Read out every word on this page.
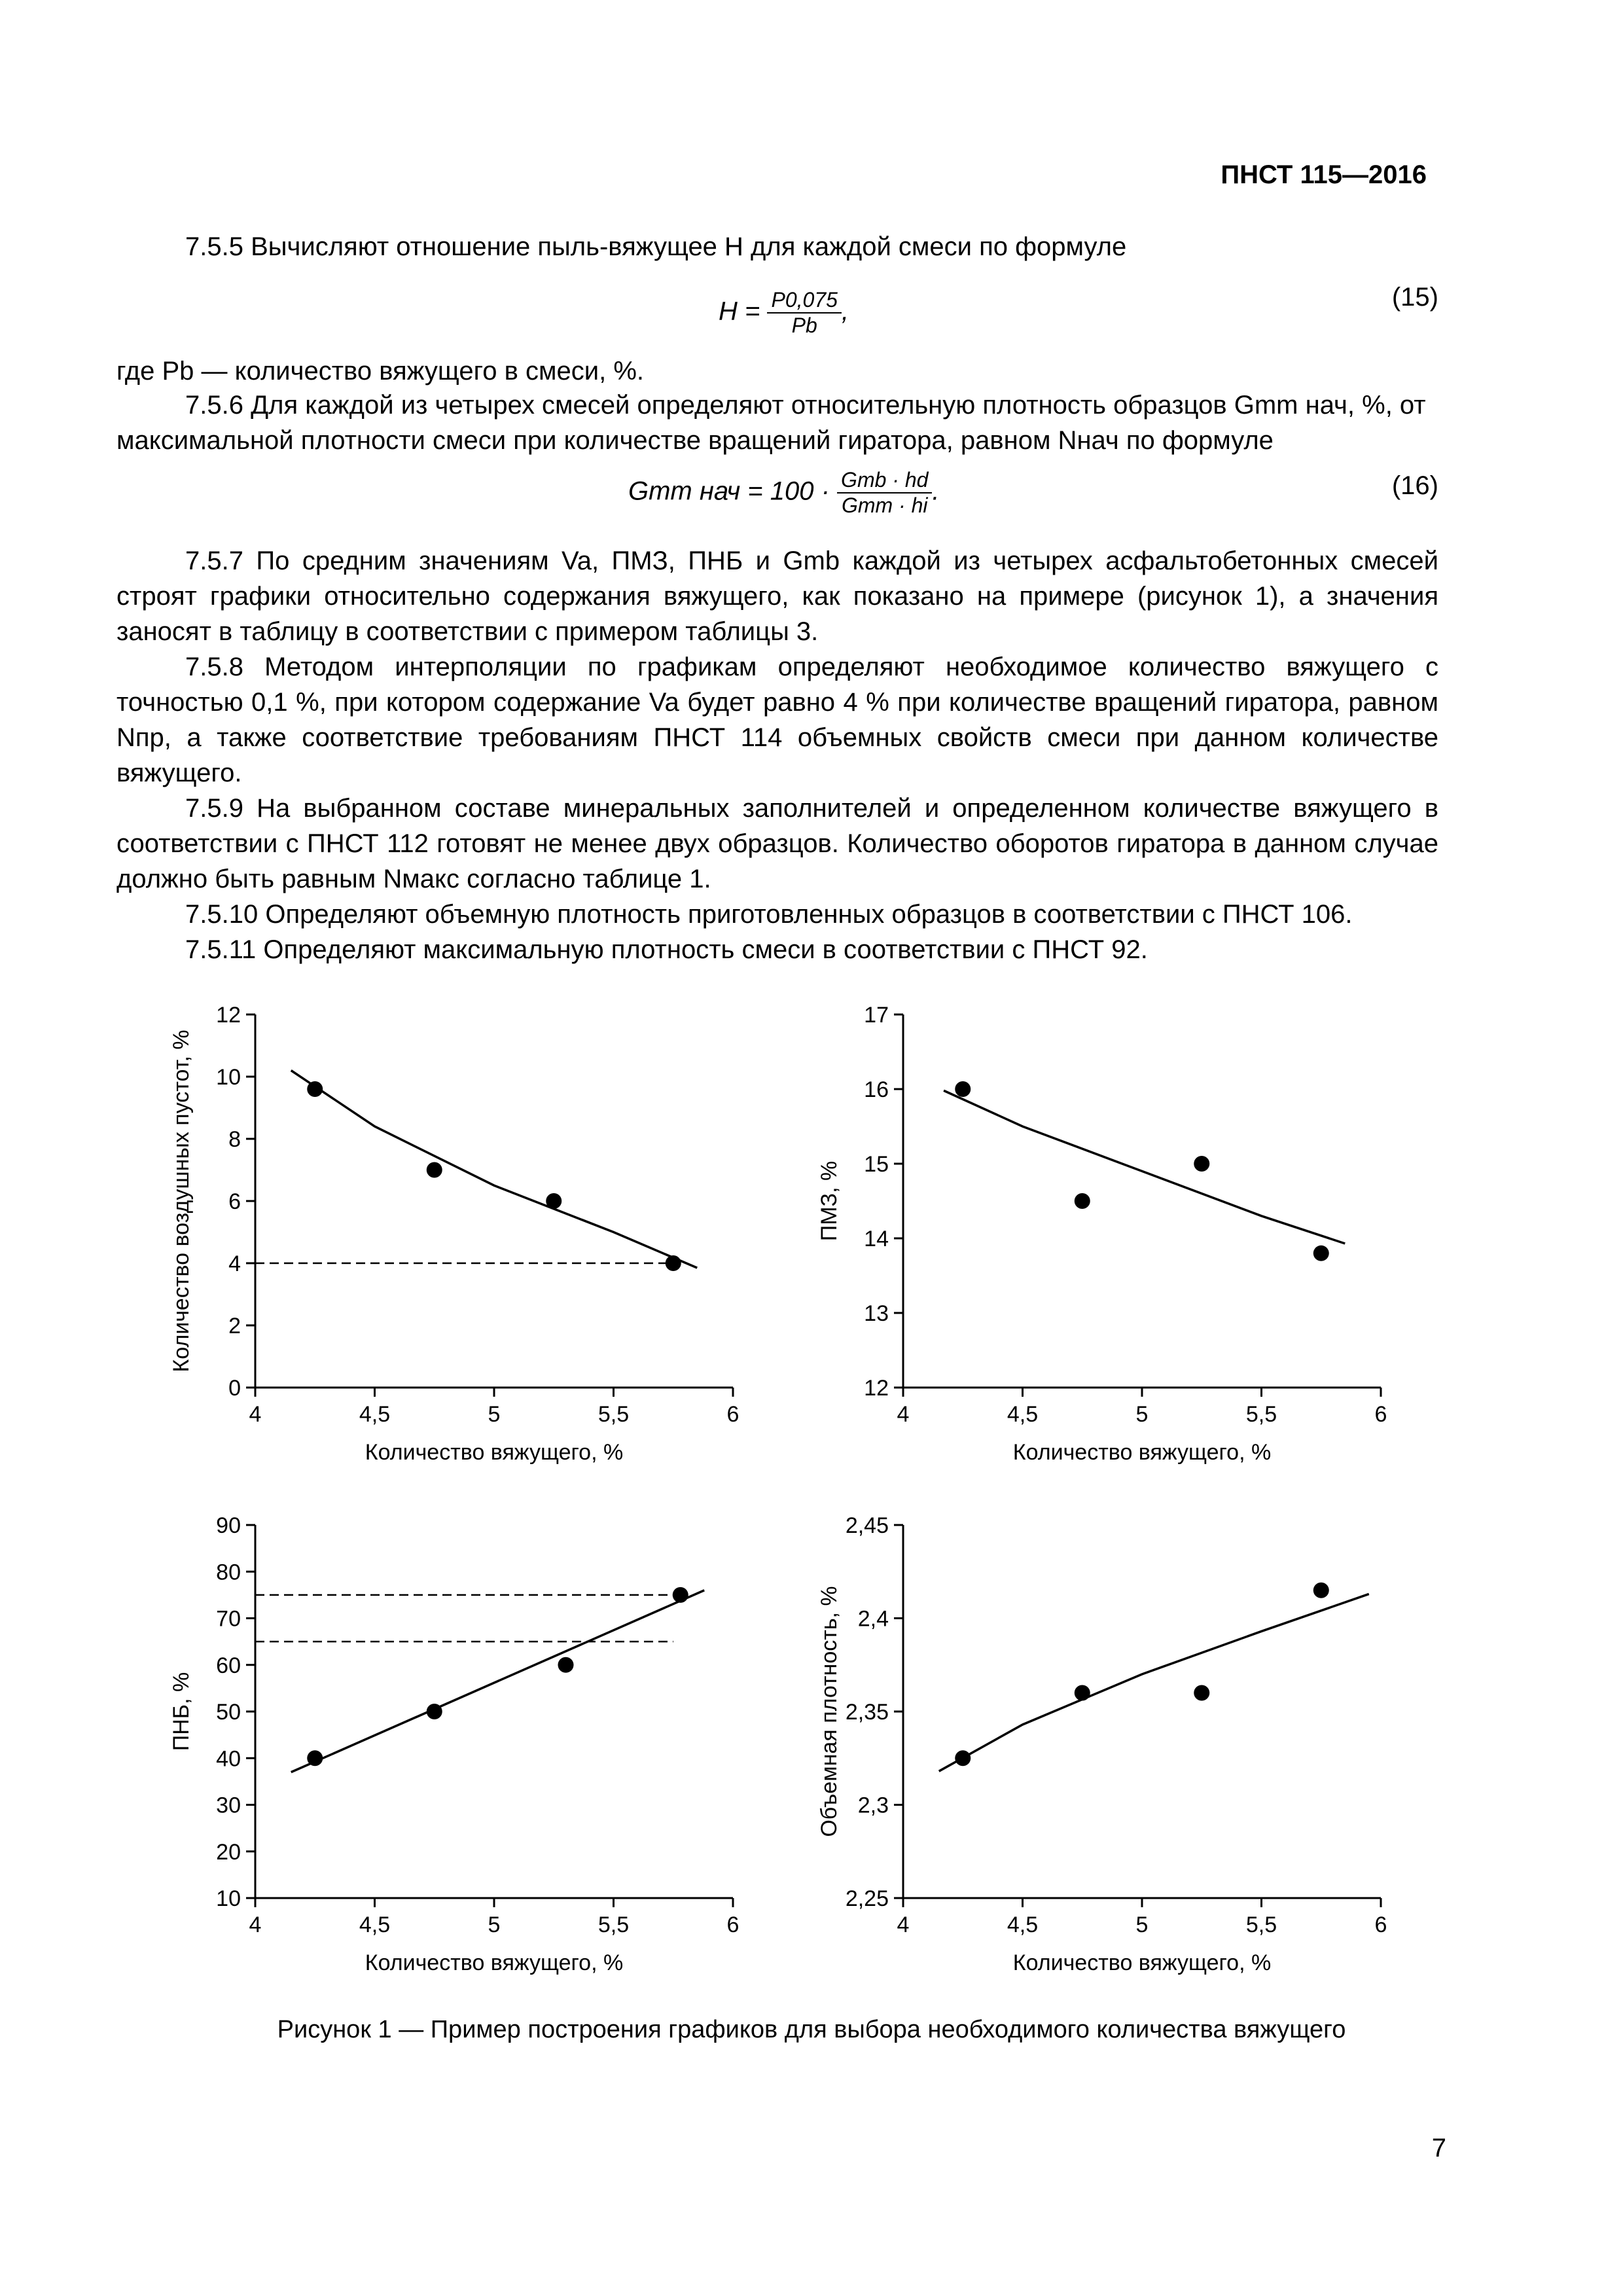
ПНСТ 115—2016

7.5.5 Вычисляют отношение пыль-вяжущее H для каждой смеси по формуле

$H = \frac{P0,075}{Pb}$ ,	(15)

где Pb — количество вяжущего в смеси, %.

7.5.6 Для каждой из четырех смесей определяют относительную плотность образцов Gmm нач, %, от

максимальной плотности смеси при количестве вращений гиратора, равном Nнач по формуле

Gmm нач = $100 \cdot \frac{\text{Gmb · hd}}{\text{Gmm · hi}}$ .	(16)

7.5.7 По средним значениям Va, ПМЗ, ПНБ и Gmb каждой из четырех асфальтобетонных смесей строят графики относительно содержания вяжущего, как показано на примере (рисунок 1), а значения заносят в таблицу в соответствии с примером таблицы 3.

7.5.8 Методом интерполяции по графикам определяют необходимое количество вяжущего с точностью 0,1 %, при котором содержание Va будет равно 4 % при количестве вращений гиратора, равном Nпр, а также соответствие требованиям ПНСТ 114 объемных свойств смеси при данном количестве вяжущего.

7.5.9 На выбранном составе минеральных заполнителей и определенном количестве вяжущего в соответствии с ПНСТ 112 готовят не менее двух образцов. Количество оборотов гиратора в данном случае должно быть равным Nмакс согласно таблице 1.

7.5.10 Определяют объемную плотность приготовленных образцов в соответствии с ПНСТ 106.

7.5.11 Определяют максимальную плотность смеси в соответствии с ПНСТ 92.

4	4,5	5	5,5	6
0
2
4
6
8
10
12
Количество вяжущего, %
Количество воздушных пустот, %
4	4,5	5	5,5	6
12
13
14
15
16
17
Количество вяжущего, %
ПМЗ, %
4	4,5	5	5,5	6
10
20
30
40
50
60
70
80
90
Количество вяжущего, %
ПНБ, %
4	4,5	5	5,5	6
2,25
2,3
2,35
2,4
2,45
Количество вяжущего, %
Объемная плотность, %
Рисунок 1 — Пример построения графиков для выбора необходимого количества вяжущего
7
